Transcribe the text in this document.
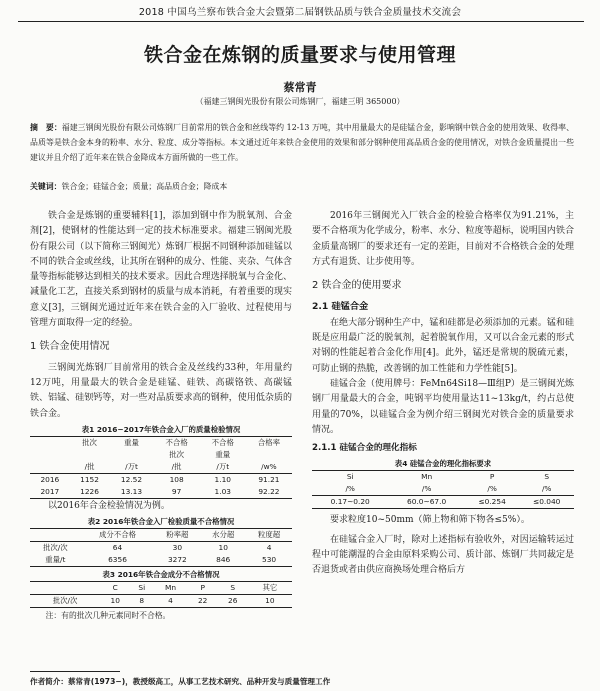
2018 中国乌兰察布铁合金大会暨第二届钢铁品质与铁合金质量技术交流会
铁合金在炼钢的质量要求与使用管理
蔡常青
（福建三钢闽光股份有限公司炼钢厂，福建三明 365000）
摘　要：福建三钢闽光股份有限公司炼钢厂目前常用的铁合金和丝线等约 12-13 万吨，其中用量最大的是硅锰合金，影响钢中铁合金的使用效果、收得率、品质等是铁合金本身的粉率、水分、粒度、成分等指标。本文通过近年来铁合金使用的效果和部分钢种使用高品质合金的使用情况，对铁合金质量提出一些建议并且介绍了近年来在铁合金降成本方面所做的一些工作。
关键词：铁合金；硅锰合金；质量；高品质合金；降成本

铁合金是炼钢的重要辅料[1]，添加到钢中作为脱氧剂、合金剂[2]，使钢材的性能达到一定的技术标准要求。福建三钢闽光股份有限公司（以下简称三钢闽光）炼钢厂根据不同钢种添加硅锰以不同的铁合金或丝线，让其所在钢种的成分、性能、夹杂、气体含量等指标能够达到相关的技术要求。因此合理选择脱氧与合金化、减量化工艺，直接关系到钢材的质量与成本消耗，有着重要的现实意义[3]，三钢闽光通过近年来在铁合金的入厂验收、过程使用与管理方面取得一定的经验。

1 铁合金使用情况

三钢闽光炼钢厂目前常用的铁合金及丝线约33种，年用量约12万吨，用量最大的铁合金是硅锰、硅铁、高碳铬铁、高碳锰铁、铝锰、硅钡钙等，对一些对品质要求高的钢种，使用低杂质的铁合金。

表1 2016−2017年铁合金入厂的质量检验情况
	批次	重量	不合格	不合格	合格率
			批次	重量	
	/批	/万t	/批	/万t	/w%
2016	1152	12.52	108	1.10	91.21
2017	1226	13.13	97	1.03	92.22

以2016年合金检验情况为例。

表2 2016年铁合金入厂检验质量不合格情况
	成分不合格	粉率超	水分超	粒度超
批次/次	64	30	10	4
重量/t	6356	3272	846	530
表3 2016年铁合金成分不合格情况
	C	Si	Mn	P	S	其它
批次/次	10	8	4	22	26	10

注：有的批次几种元素同时不合格。

2016年三钢闽光入厂铁合金的检验合格率仅为91.21%，主要不合格项为化学成分，粉率、水分、粒度等超标，说明国内铁合金质量高钢厂的要求还有一定的差距，目前对不合格铁合金的处理方式有退货、让步使用等。

2 铁合金的使用要求
2.1 硅锰合金

在绝大部分钢种生产中，锰和硅都是必须添加的元素。锰和硅既是应用最广泛的脱氧剂，起着脱氧作用，又可以合金元素的形式对钢的性能起着合金化作用[4]。此外，锰还是常规的脱硫元素，可防止钢的热脆，改善钢的加工性能和力学性能[5]。

硅锰合金（使用牌号：FeMn64Si18—Ⅲ组P）是三钢闽光炼钢厂用量最大的合金，吨钢平均使用量达11~13kg/t，约占总使用量的70%，以硅锰合金为例介绍三钢闽光对铁合金的质量要求情况。

2.1.1 硅锰合金的理化指标
表4 硅锰合金的理化指标要求
Si	Mn	P	S
/%	/%	/%	/%
0.17~0.20	60.0~67.0	≤0.254	≤0.040

要求粒度10~50mm（筛上物和筛下物各≤5%）。

在硅锰合金入厂时，除对上述指标有验收外，对因运输转运过程中可能潮湿的合金由原料采购公司、质计部、炼钢厂共同裁定是否退货或者由供应商换场处理合格后方

作者简介：蔡常青(1973−)，教授级高工，从事工艺技术研究、品种开发与质量管理工作
